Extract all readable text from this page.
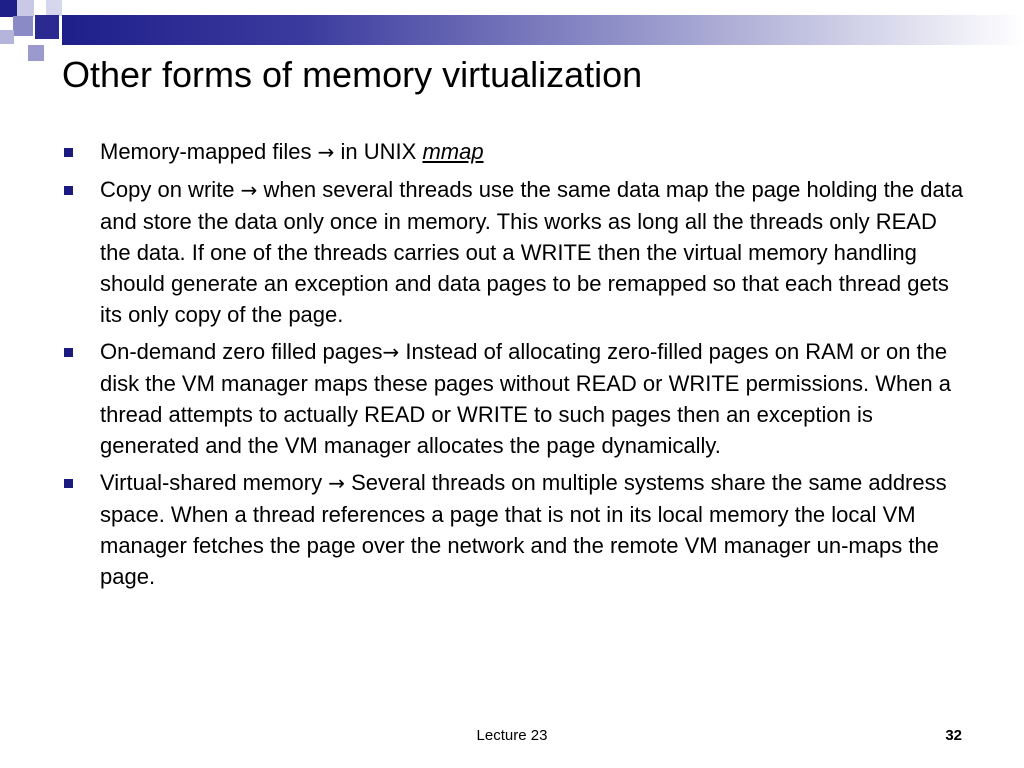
Other forms of memory virtualization
Memory-mapped files → in UNIX mmap
Copy on write → when several threads use the same data map the page holding the data and store the data only once in memory. This works as long all the threads only READ the data. If one of the threads carries out a WRITE then the virtual memory handling should generate an exception and data pages to be remapped so that each thread gets its only copy of the page.
On-demand zero filled pages→ Instead of allocating zero-filled pages on RAM or on the disk the VM manager maps these pages without READ or WRITE permissions. When a thread attempts to actually READ or WRITE to such pages then an exception is generated and the VM manager allocates the page dynamically.
Virtual-shared memory → Several threads on multiple systems share the same address space. When a thread references a page that is not in its local memory the local VM manager fetches the page over the network and the remote VM manager un-maps the page.
Lecture 23	32
